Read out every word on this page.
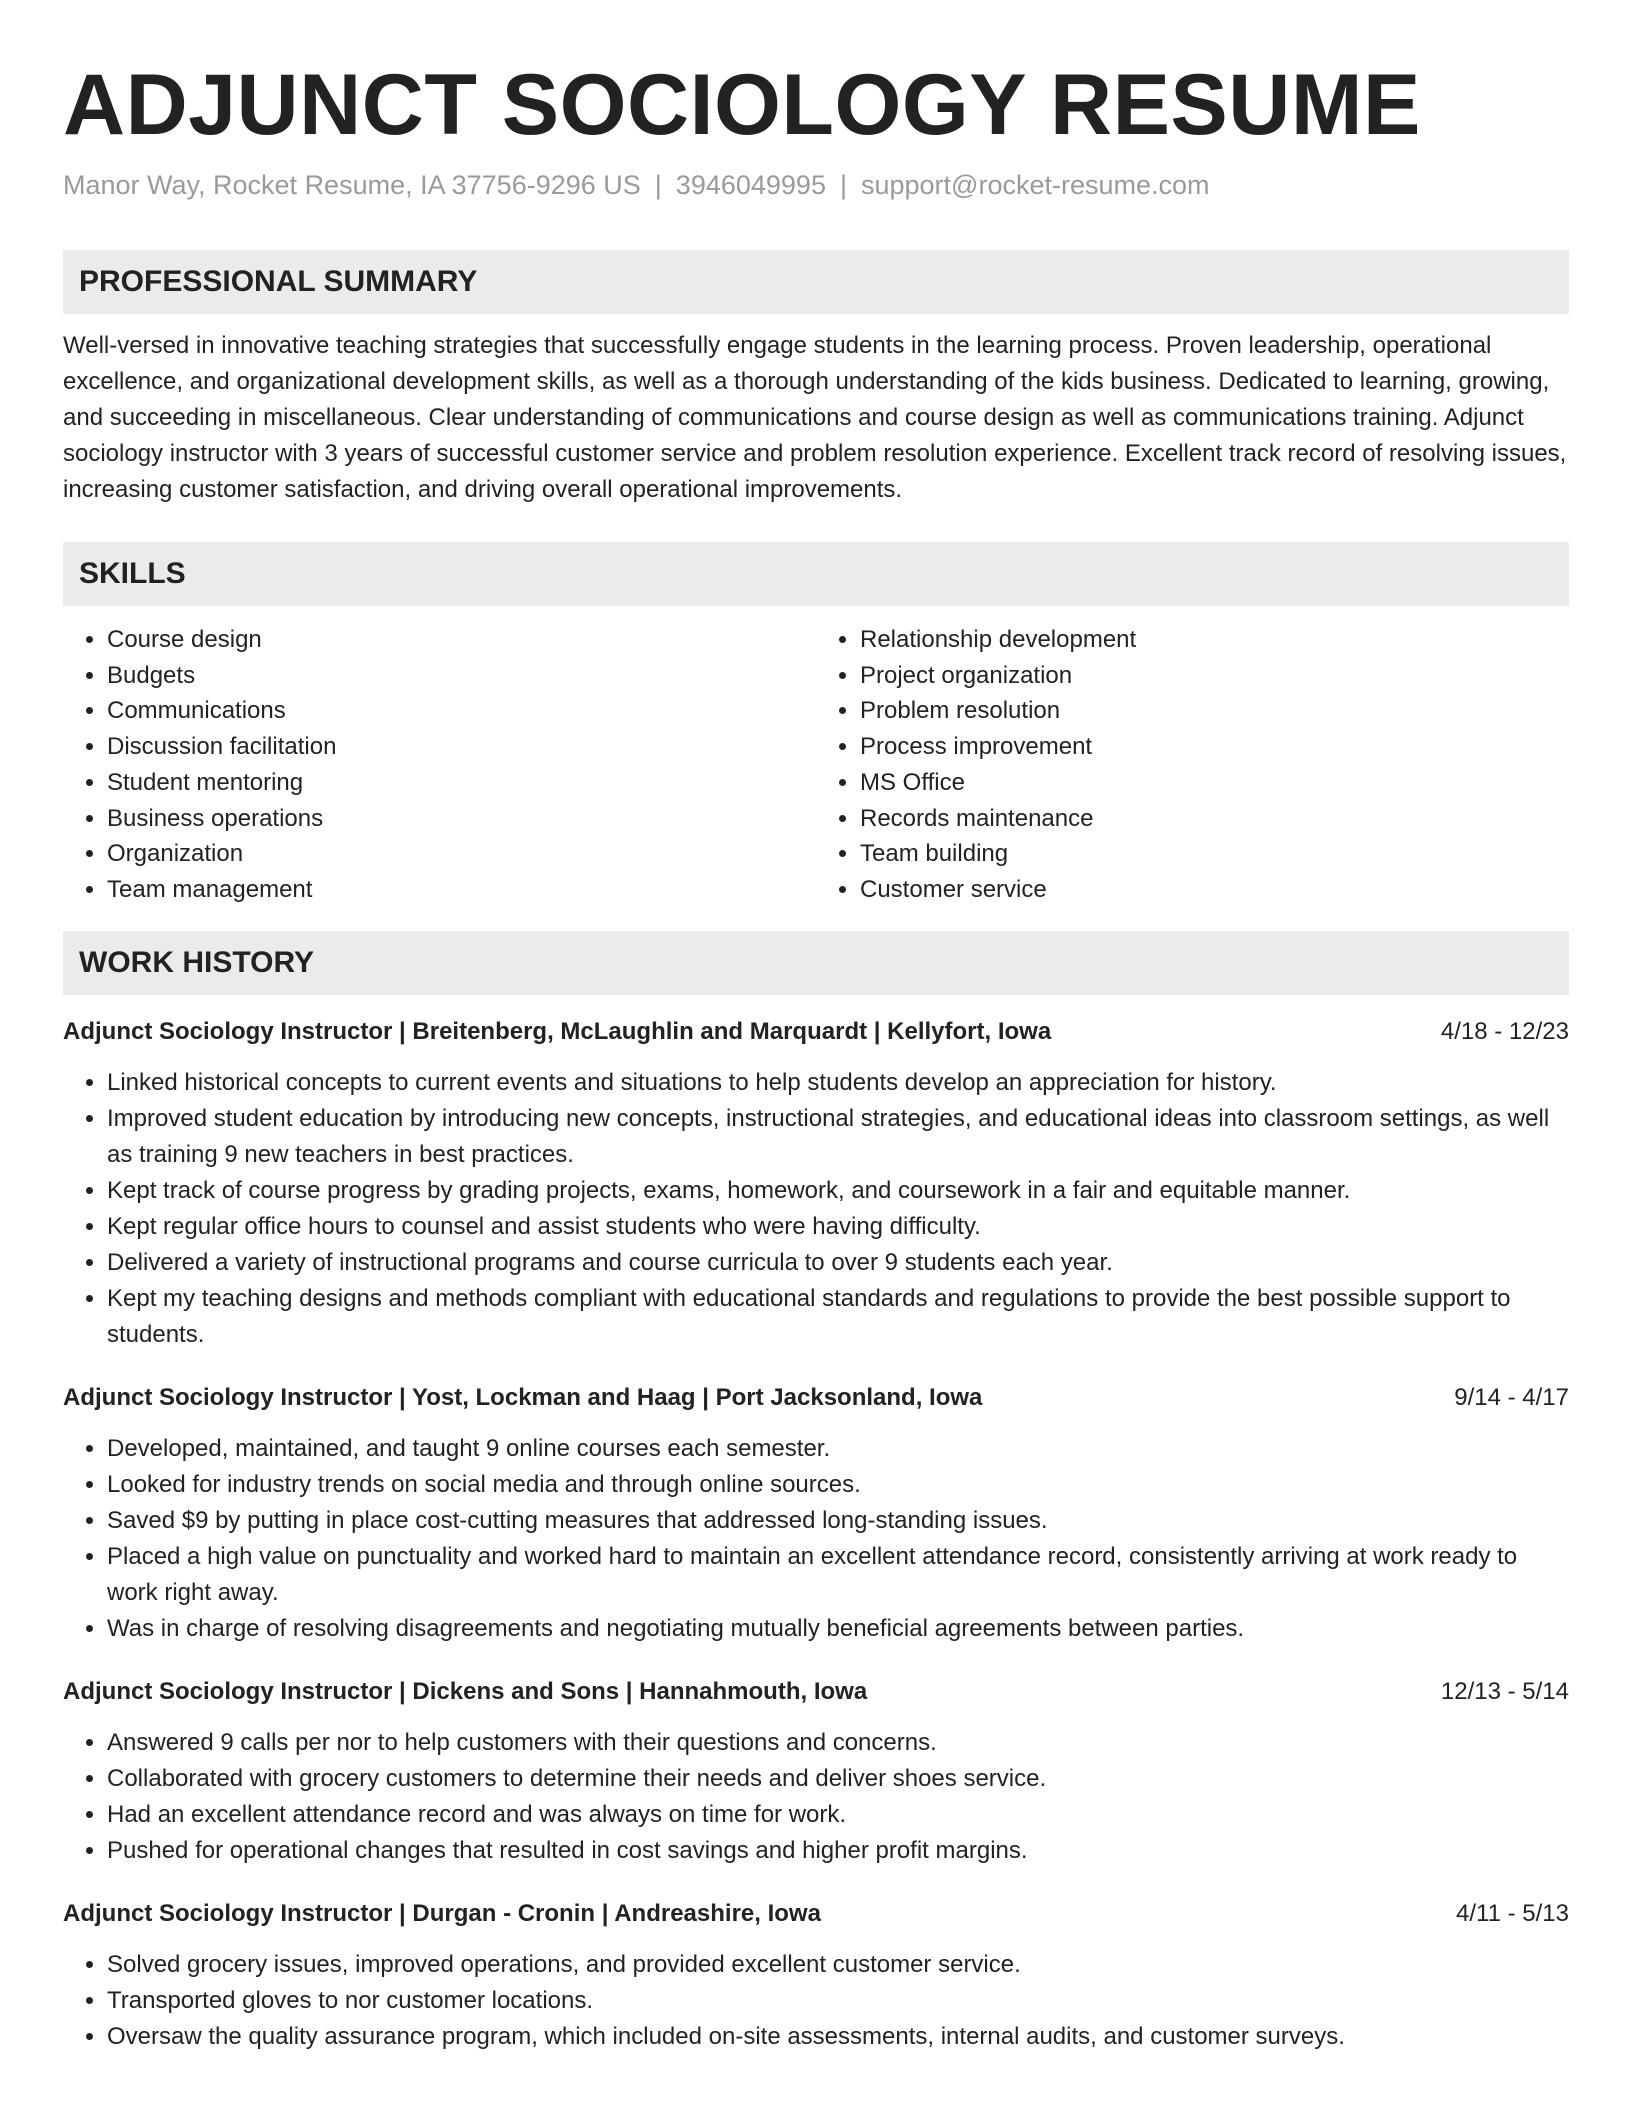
ADJUNCT SOCIOLOGY RESUME
Manor Way, Rocket Resume, IA 37756-9296 US | 3946049995 | support@rocket-resume.com
PROFESSIONAL SUMMARY

Well-versed in innovative teaching strategies that successfully engage students in the learning process. Proven leadership, operational excellence, and organizational development skills, as well as a thorough understanding of the kids business. Dedicated to learning, growing, and succeeding in miscellaneous. Clear understanding of communications and course design as well as communications training. Adjunct sociology instructor with 3 years of successful customer service and problem resolution experience. Excellent track record of resolving issues, increasing customer satisfaction, and driving overall operational improvements.

SKILLS
• Course design
• Budgets
• Communications
• Discussion facilitation
• Student mentoring
• Business operations
• Organization
• Team management
• Relationship development
• Project organization
• Problem resolution
• Process improvement
• MS Office
• Records maintenance
• Team building
• Customer service
WORK HISTORY
Adjunct Sociology Instructor | Breitenberg, McLaughlin and Marquardt | Kellyfort, Iowa	4/18 - 12/23
• Linked historical concepts to current events and situations to help students develop an appreciation for history.
• Improved student education by introducing new concepts, instructional strategies, and educational ideas into classroom settings, as well as training 9 new teachers in best practices.
• Kept track of course progress by grading projects, exams, homework, and coursework in a fair and equitable manner.
• Kept regular office hours to counsel and assist students who were having difficulty.
• Delivered a variety of instructional programs and course curricula to over 9 students each year.
• Kept my teaching designs and methods compliant with educational standards and regulations to provide the best possible support to students.
Adjunct Sociology Instructor | Yost, Lockman and Haag | Port Jacksonland, Iowa	9/14 - 4/17
• Developed, maintained, and taught 9 online courses each semester.
• Looked for industry trends on social media and through online sources.
• Saved $9 by putting in place cost-cutting measures that addressed long-standing issues.
• Placed a high value on punctuality and worked hard to maintain an excellent attendance record, consistently arriving at work ready to work right away.
• Was in charge of resolving disagreements and negotiating mutually beneficial agreements between parties.
Adjunct Sociology Instructor | Dickens and Sons | Hannahmouth, Iowa	12/13 - 5/14
• Answered 9 calls per nor to help customers with their questions and concerns.
• Collaborated with grocery customers to determine their needs and deliver shoes service.
• Had an excellent attendance record and was always on time for work.
• Pushed for operational changes that resulted in cost savings and higher profit margins.
Adjunct Sociology Instructor | Durgan - Cronin | Andreashire, Iowa	4/11 - 5/13
• Solved grocery issues, improved operations, and provided excellent customer service.
• Transported gloves to nor customer locations.
• Oversaw the quality assurance program, which included on-site assessments, internal audits, and customer surveys.
